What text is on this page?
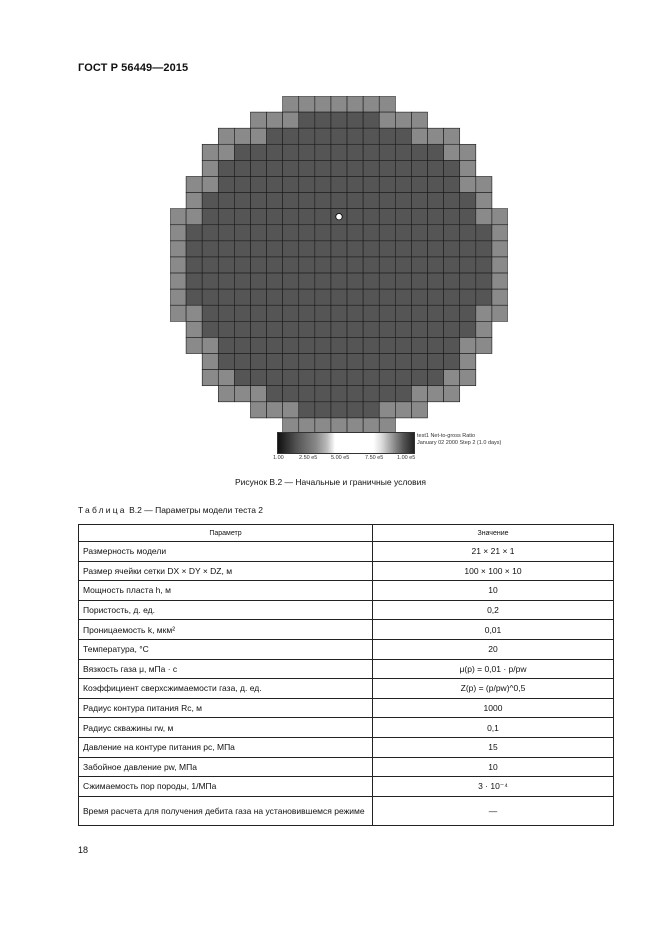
ГОСТ Р 56449—2015
test1 Net-to-gross Ratio
January 02 2000 Step 2 (1.0 days)
1.00	2.50 e5 5.00 e5	7.50 e5 1.00 e5
Рисунок В.2 — Начальные и граничные условия
Таблица В.2 — Параметры модели теста 2
Параметр	Значение
Размерность модели	21 × 21 × 1
Размер ячейки сетки DX × DY × DZ, м	100 × 100 × 10
Мощность пласта h, м	10
Пористость, д. ед.	0,2
Проницаемость k, мкм²	0,01
Температура, °С	20
Вязкость газа μ, мПа · с	μ(p) = 0,01 · p/pw
Коэффициент сверхсжимаемости газа, д. ед.	Z(p) = (p/pw)^0,5
Радиус контура питания Rc, м	1000
Радиус скважины rw, м	0,1
Давление на контуре питания pc, МПа	15
Забойное давление pw, МПа	10
Сжимаемость пор породы, 1/МПа	3 · 10⁻⁴
Время расчета для получения дебита газа на установившемся режиме	—
18
